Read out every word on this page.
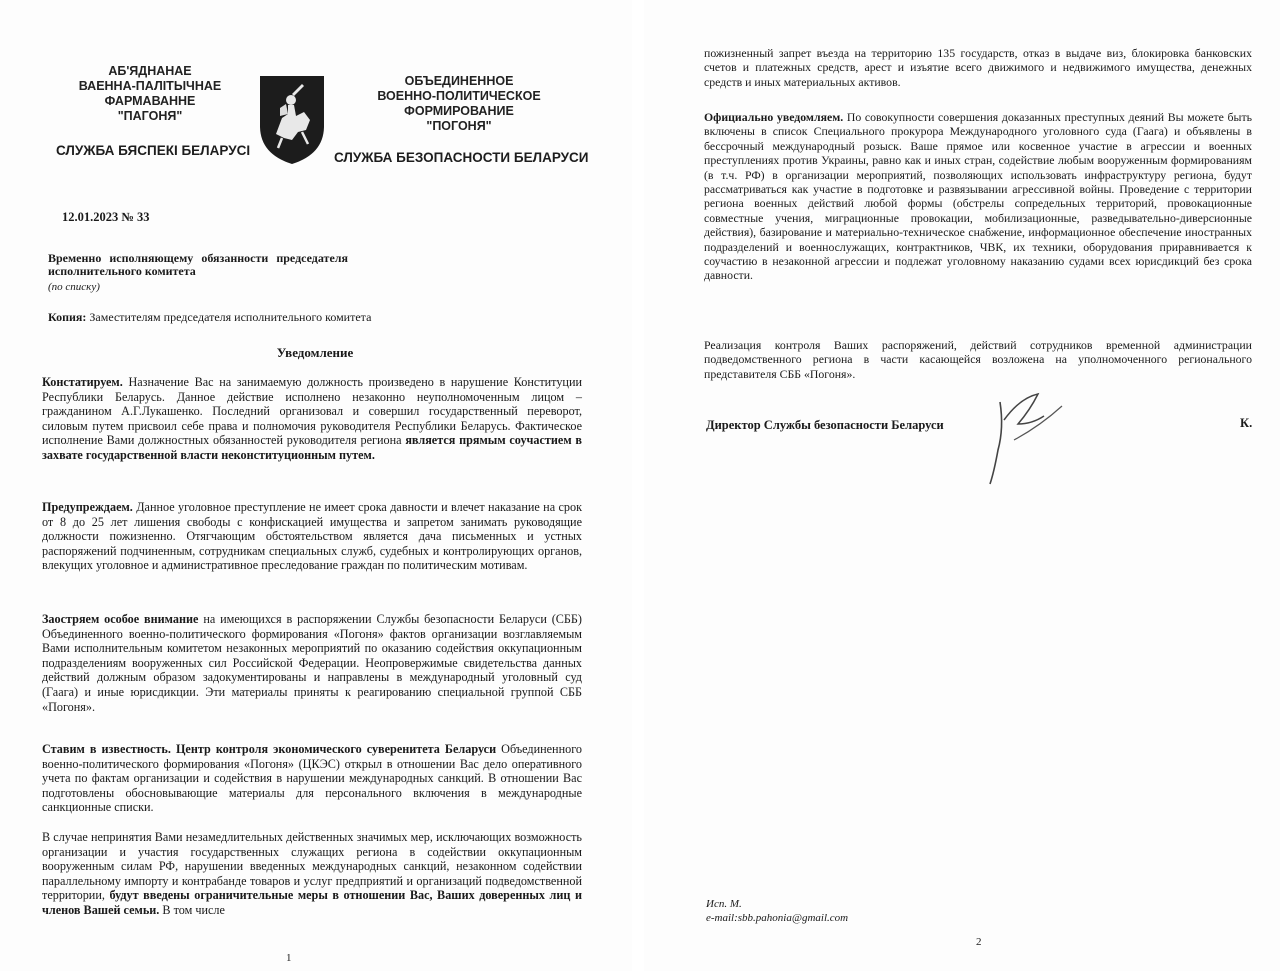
АБ'ЯДНАНАЕ
ВАЕННА-ПАЛІТЫЧНАЕ
ФАРМАВАННЕ
"ПАГОНЯ"
ОБЪЕДИНЕННОЕ
ВОЕННО-ПОЛИТИЧЕСКОЕ
ФОРМИРОВАНИЕ
"ПОГОНЯ"
СЛУЖБА БЯСПЕКІ БЕЛАРУСІ	СЛУЖБА БЕЗОПАСНОСТИ БЕЛАРУСИ
12.01.2023 № 33
Временно исполняющему обязанности председателя исполнительного комитета
(по списку)
Копия: Заместителям председателя исполнительного комитета
Уведомление
Констатируем. Назначение Вас на занимаемую должность произведено в нарушение Конституции Республики Беларусь. Данное действие исполнено незаконно неуполномоченным лицом – гражданином А.Г.Лукашенко. Последний организовал и совершил государственный переворот, силовым путем присвоил себе права и полномочия руководителя Республики Беларусь. Фактическое исполнение Вами должностных обязанностей руководителя региона является прямым соучастием в захвате государственной власти неконституционным путем.
Предупреждаем. Данное уголовное преступление не имеет срока давности и влечет наказание на срок от 8 до 25 лет лишения свободы с конфискацией имущества и запретом занимать руководящие должности пожизненно. Отягчающим обстоятельством является дача письменных и устных распоряжений подчиненным, сотрудникам специальных служб, судебных и контролирующих органов, влекущих уголовное и административное преследование граждан по политическим мотивам.
Заостряем особое внимание на имеющихся в распоряжении Службы безопасности Беларуси (СББ) Объединенного военно-политического формирования «Погоня» фактов организации возглавляемым Вами исполнительным комитетом незаконных мероприятий по оказанию содействия оккупационным подразделениям вооруженных сил Российской Федерации. Неопровержимые свидетельства данных действий должным образом задокументированы и направлены в международный уголовный суд (Гаага) и иные юрисдикции. Эти материалы приняты к реагированию специальной группой СББ «Погоня».
Ставим в известность. Центр контроля экономического суверенитета Беларуси Объединенного военно-политического формирования «Погоня» (ЦКЭС) открыл в отношении Вас дело оперативного учета по фактам организации и содействия в нарушении международных санкций. В отношении Вас подготовлены обосновывающие материалы для персонального включения в международные санкционные списки.
В случае непринятия Вами незамедлительных действенных значимых мер, исключающих возможность организации и участия государственных служащих региона в содействии оккупационным вооруженным силам РФ, нарушении введенных международных санкций, незаконном содействии параллельному импорту и контрабанде товаров и услуг предприятий и организаций подведомственной территории, будут введены ограничительные меры в отношении Вас, Ваших доверенных лиц и членов Вашей семьи. В том числе
1
пожизненный запрет въезда на территорию 135 государств, отказ в выдаче виз, блокировка банковских счетов и платежных средств, арест и изъятие всего движимого и недвижимого имущества, денежных средств и иных материальных активов.
Официально уведомляем. По совокупности совершения доказанных преступных деяний Вы можете быть включены в список Специального прокурора Международного уголовного суда (Гаага) и объявлены в бессрочный международный розыск. Ваше прямое или косвенное участие в агрессии и военных преступлениях против Украины, равно как и иных стран, содействие любым вооруженным формированиям (в т.ч. РФ) в организации мероприятий, позволяющих использовать инфраструктуру региона, будут рассматриваться как участие в подготовке и развязывании агрессивной войны. Проведение с территории региона военных действий любой формы (обстрелы сопредельных территорий, провокационные совместные учения, миграционные провокации, мобилизационные, разведывательно-диверсионные действия), базирование и материально-техническое снабжение, информационное обеспечение иностранных подразделений и военнослужащих, контрактников, ЧВК, их техники, оборудования приравнивается к соучастию в незаконной агрессии и подлежат уголовному наказанию судами всех юрисдикций без срока давности.
Реализация контроля Ваших распоряжений, действий сотрудников временной администрации подведомственного региона в части касающейся возложена на уполномоченного регионального представителя СББ «Погоня».
Директор Службы безопасности Беларуси	К.
Исп. М.
e-mail:sbb.pahonia@gmail.com
2
